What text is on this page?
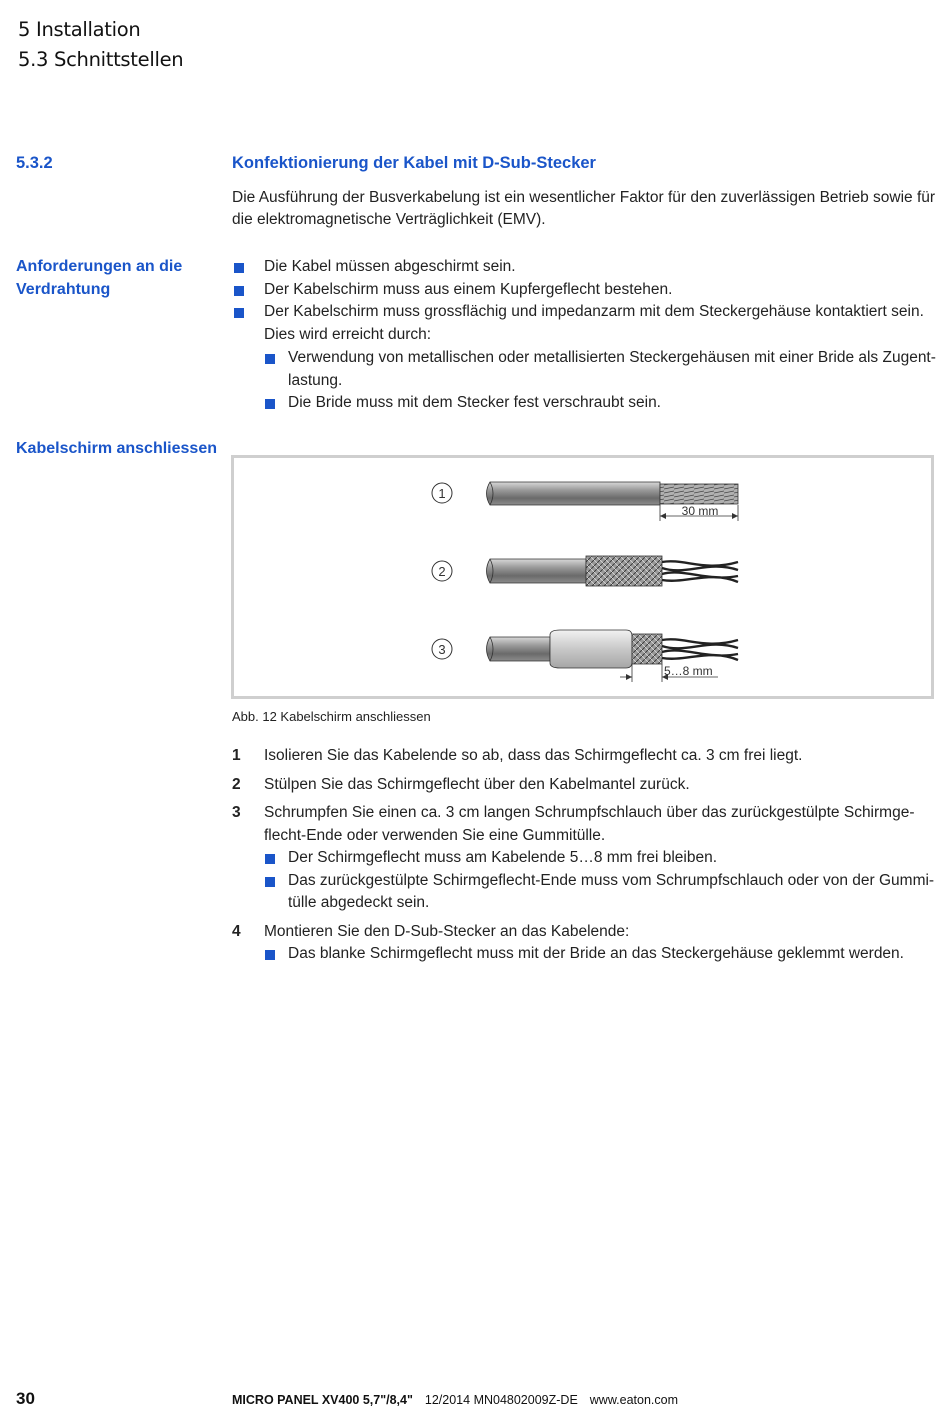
5 Installation
5.3 Schnittstellen
5.3.2	Konfektionierung der Kabel mit D-Sub-Stecker

Die Ausführung der Busverkabelung ist ein wesentlicher Faktor für den zuverlässigen Betrieb sowie für die elektromagnetische Verträglichkeit (EMV).

Anforderungen an die Verdrahtung
Die Kabel müssen abgeschirmt sein.
Der Kabelschirm muss aus einem Kupfergeflecht bestehen.
Der Kabelschirm muss grossflächig und impedanzarm mit dem Steckergehäuse kontaktiert sein. Dies wird erreicht durch:
Verwendung von metallischen oder metallisierten Steckergehäusen mit einer Bride als Zugent-lastung.
Die Bride muss mit dem Stecker fest verschraubt sein.
Kabelschirm anschliessen
1
30 mm
2
3
5…8 mm
Abb. 12 Kabelschirm anschliessen
1 Isolieren Sie das Kabelende so ab, dass das Schirmgeflecht ca. 3 cm frei liegt.
2 Stülpen Sie das Schirmgeflecht über den Kabelmantel zurück.
3 Schrumpfen Sie einen ca. 3 cm langen Schrumpfschlauch über das zurückgestülpte Schirmge-flecht-Ende oder verwenden Sie eine Gummitülle.
Der Schirmgeflecht muss am Kabelende 5…8 mm frei bleiben.
Das zurückgestülpte Schirmgeflecht-Ende muss vom Schrumpfschlauch oder von der Gummi-tülle abgedeckt sein.
4 Montieren Sie den D-Sub-Stecker an das Kabelende:
Das blanke Schirmgeflecht muss mit der Bride an das Steckergehäuse geklemmt werden.
30	MICRO PANEL XV400 5,7"/8,4" 12/2014 MN04802009Z-DE www.eaton.com
